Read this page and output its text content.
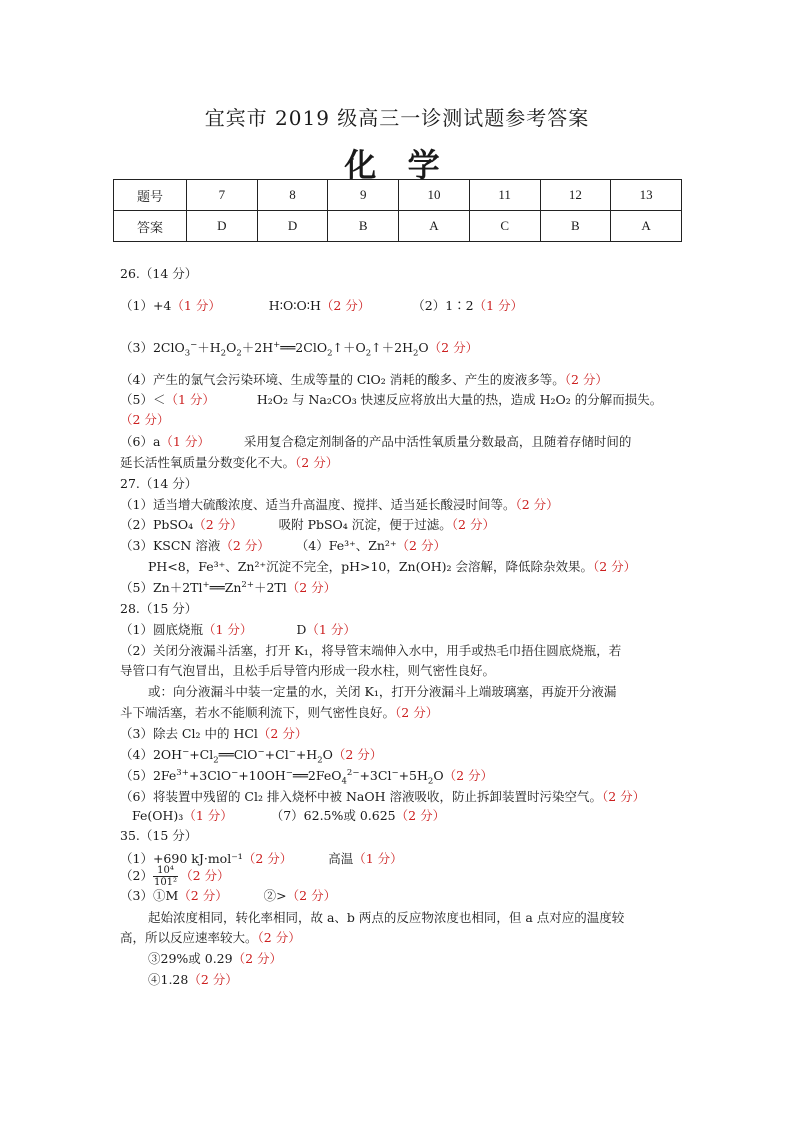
宜宾市 2019 级高三一诊测试题参考答案
化 学
题号	7	8	9	10	11	12	13
答案	D	D	B	A	C	B	A
26.（14 分）
（1）+4（1 分）	H∶O∶O∶H（2 分）	（2）1∶2（1 分）
$(3)2ClO_3^-+H_2O_2+2H^+══2ClO_2↑+O_2↑+2H_2O(2$ 分）
（4）产生的氯气会污染环境、生成等量的 ClO₂ 消耗的酸多、产生的废液多等。（2 分）
（5）＜（1 分）	H₂O₂ 与 Na₂CO₃ 快速反应将放出大量的热，造成 H₂O₂ 的分解而损失。
（2 分）
（6）a（1 分）	采用复合稳定剂制备的产品中活性氧质量分数最高，且随着存储时间的
延长活性氧质量分数变化不大。（2 分）
27.（14 分）
（1）适当增大硫酸浓度、适当升高温度、搅拌、适当延长酸浸时间等。（2 分）
（2）PbSO₄（2 分）	吸附 PbSO₄ 沉淀，便于过滤。（2 分）
（3）KSCN 溶液（2 分） （4）Fe³⁺、Zn²⁺（2 分）
PH<8，Fe³⁺、Zn²⁺沉淀不完全，pH>10，Zn(OH)₂ 会溶解，降低除杂效果。（2 分）
$(5)Zn+2Tl^+══Zn^{2+}+2Tl(2$ 分）
28.（15 分）
（1）圆底烧瓶（1 分）	D（1 分）
（2）关闭分液漏斗活塞，打开 K₁，将导管末端伸入水中，用手或热毛巾捂住圆底烧瓶，若
导管口有气泡冒出，且松手后导管内形成一段水柱，则气密性良好。
或：向分液漏斗中装一定量的水，关闭 K₁，打开分液漏斗上端玻璃塞，再旋开分液漏
斗下端活塞，若水不能顺利流下，则气密性良好。（2 分）
（3）除去 Cl₂ 中的 HCl（2 分）
$(4)2OH^-+Cl_2══ClO^-+Cl^-+H_2O(2$ 分）
$(5)2Fe^{3+}+3ClO^-+10OH^-══2FeO_4^{2-}+3Cl^-+5H_2O(2$ 分）
（6）将装置中残留的 Cl₂ 排入烧杯中被 NaOH 溶液吸收，防止拆卸装置时污染空气。（2 分）
Fe(OH)₃（1 分）	（7）62.5%或 0.625（2 分）
35.（15 分）
（1）+690 kJ·mol⁻¹（2 分）	高温（1 分）
$(2) \frac{\text{10⁴}}{\text{101²}} (2$ 分）
（3）①M（2 分）	②>（2 分）
起始浓度相同，转化率相同，故 a、b 两点的反应物浓度也相同，但 a 点对应的温度较
高，所以反应速率较大。（2 分）
③29%或 0.29（2 分）
④1.28（2 分）
